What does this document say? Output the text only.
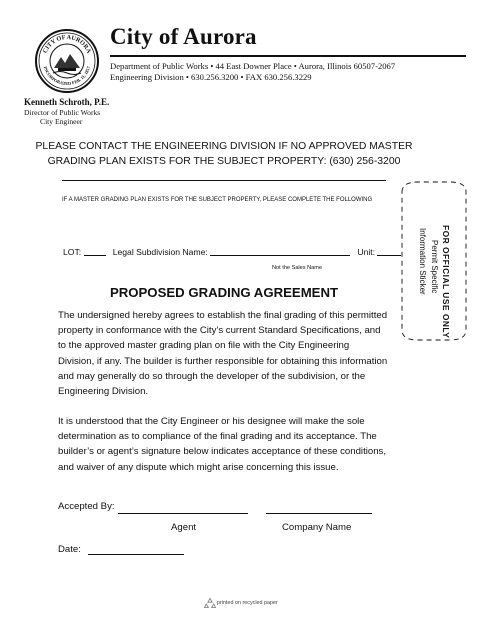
CITY OF AURORA
INCORPORATED FEB. 11, 1857
City of Aurora
Department of Public Works • 44 East Downer Place • Aurora, Illinois 60507-2067
Engineering Division • 630.256.3200 • FAX 630.256.3229
Kenneth Schroth, P.E.
Director of Public Works
City Engineer
PLEASE CONTACT THE ENGINEERING DIVISION IF NO APPROVED MASTER
GRADING PLAN EXISTS FOR THE SUBJECT PROPERTY: (630) 256-3200
IF A MASTER GRADING PLAN EXISTS FOR THE SUBJECT PROPERTY, PLEASE COMPLETE THE FOLLOWING
LOT:	Legal Subdivision Name:	Unit:
Not the Sales Name
PROPOSED GRADING AGREEMENT
The undersigned hereby agrees to establish the final grading of this permitted property in conformance with the City’s current Standard Specifications, and to the approved master grading plan on file with the City Engineering Division, if any. The builder is further responsible for obtaining this information and may generally do so through the developer of the subdivision, or the Engineering Division.
It is understood that the City Engineer or his designee will make the sole determination as to compliance of the final grading and its acceptance. The builder’s or agent’s signature below indicates acceptance of these conditions, and waiver of any dispute which might arise concerning this issue.
Accepted By:
Agent	Company Name
Date:
FOR OFFICIAL USE ONLY
Permit Specific
Information Sticker
printed on recycled paper
